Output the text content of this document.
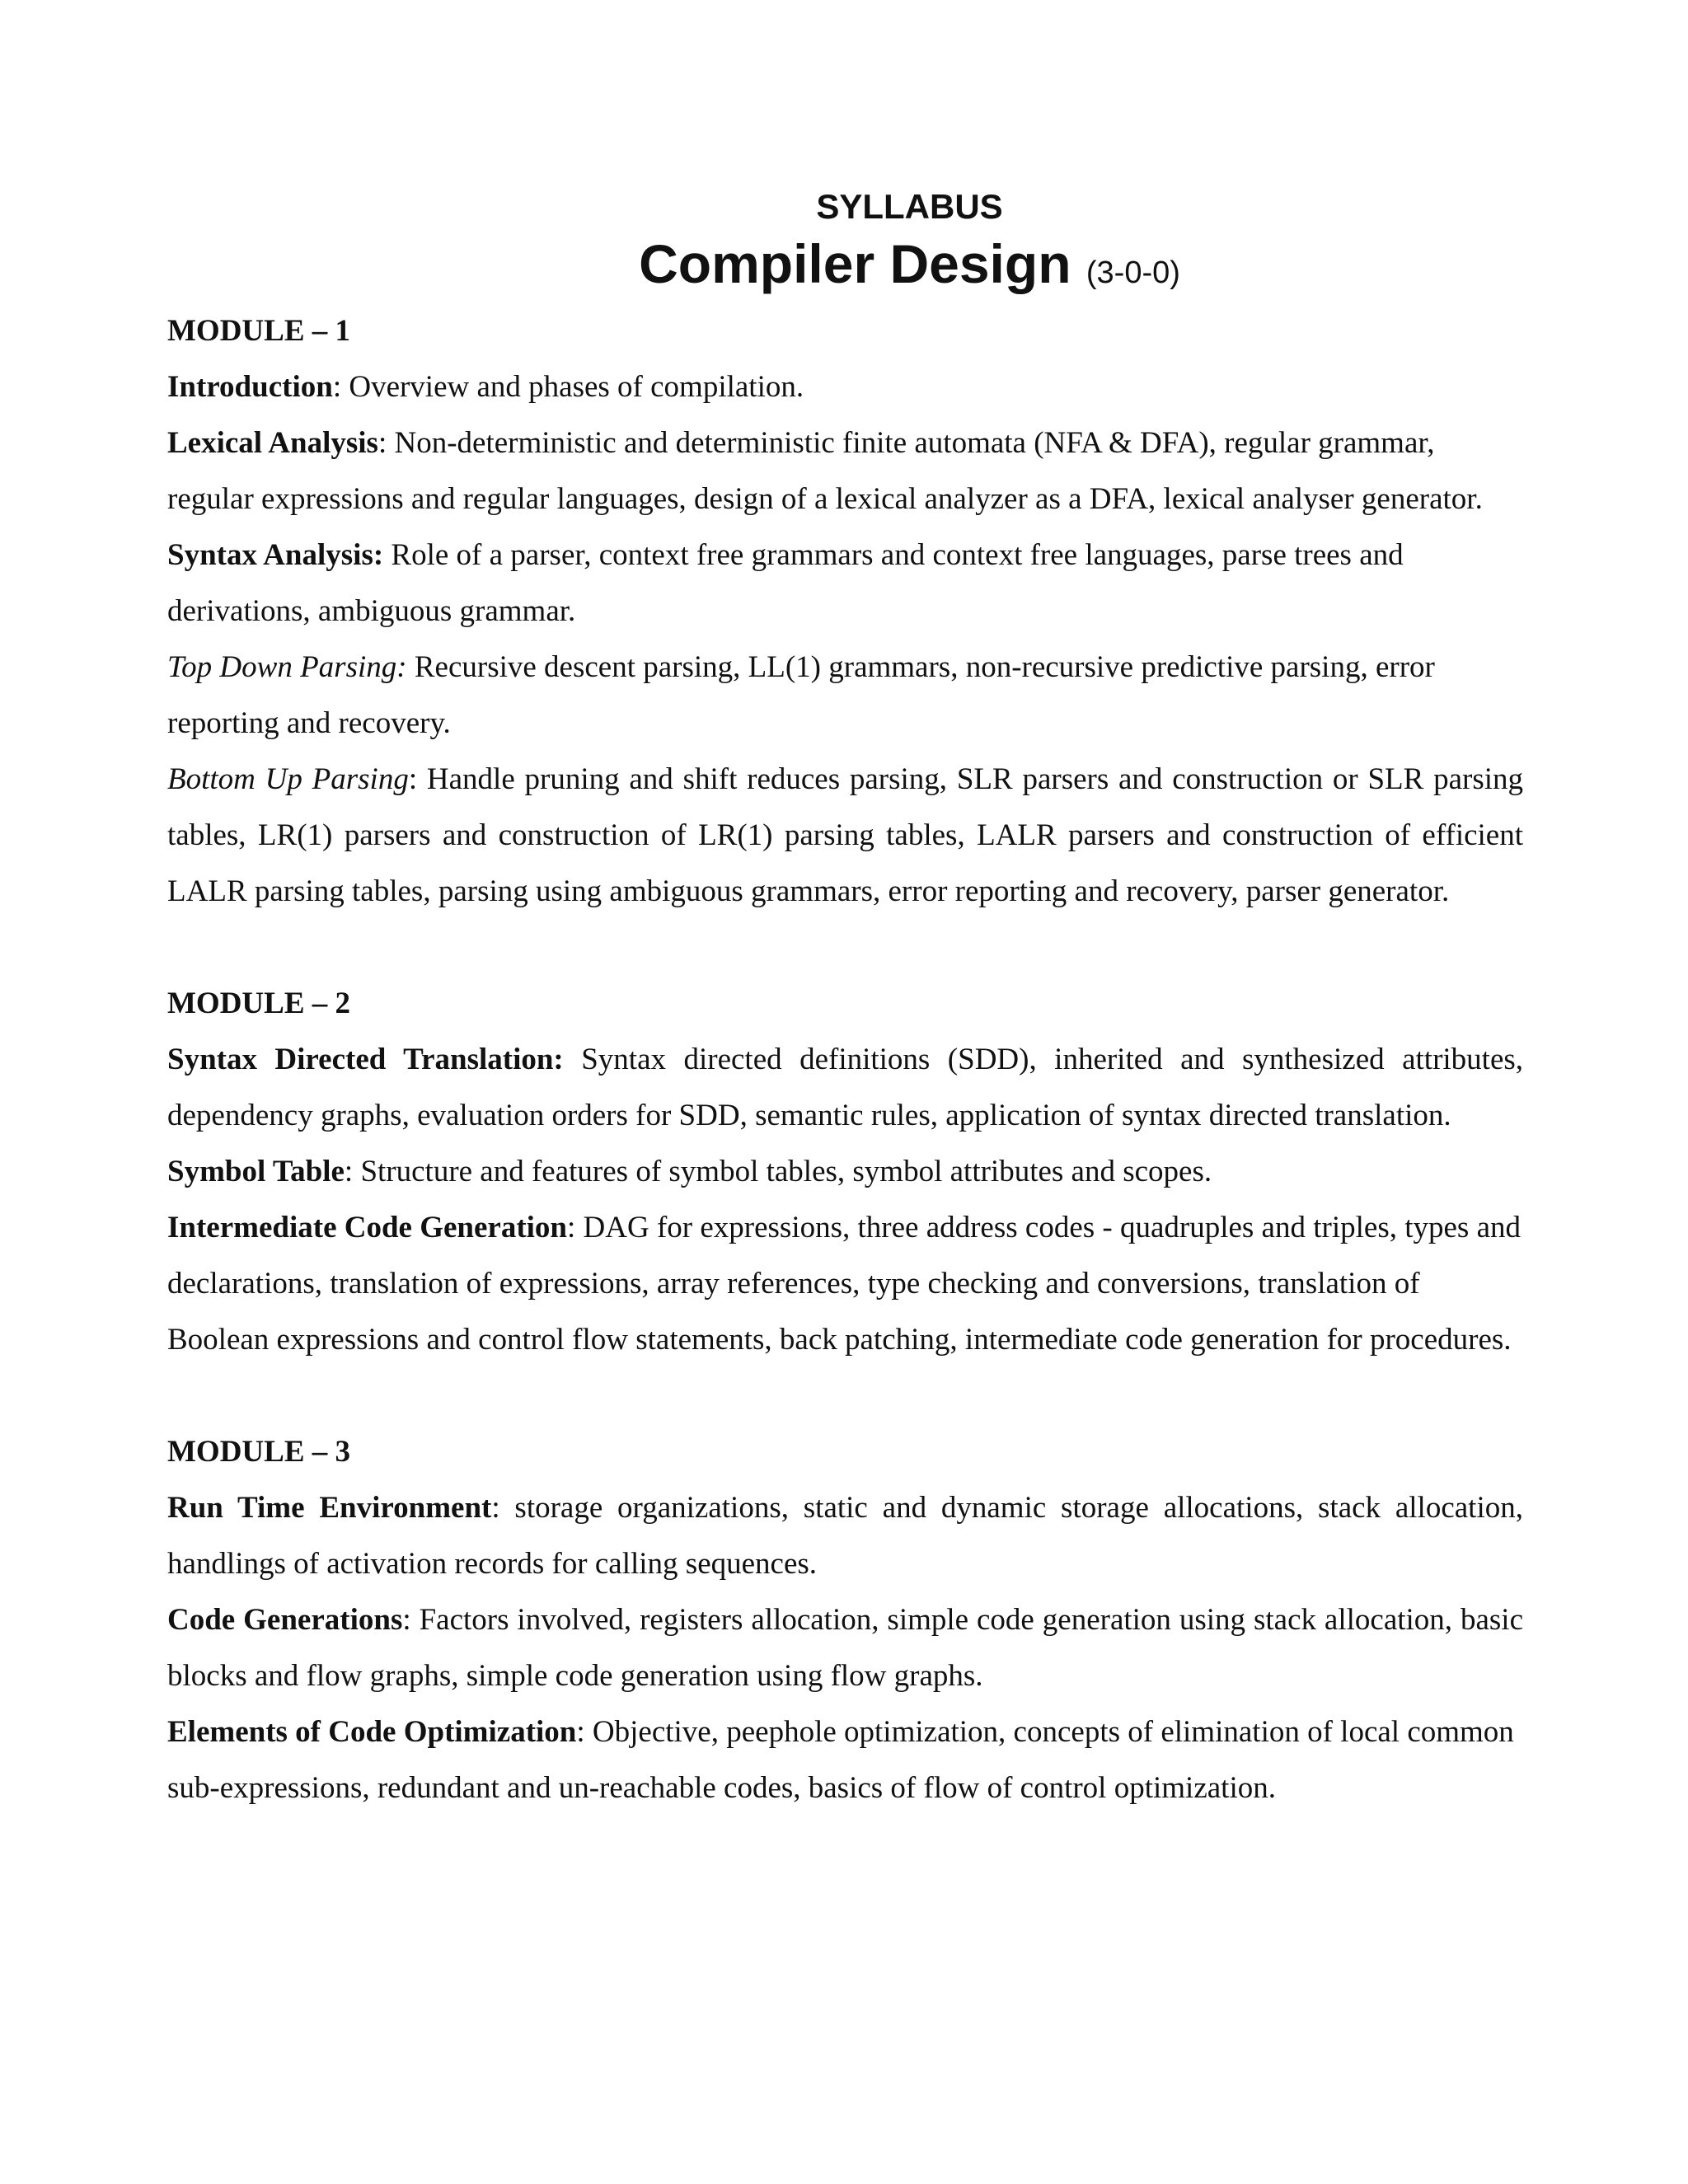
SYLLABUS
Compiler Design (3-0-0)
MODULE – 1

Introduction: Overview and phases of compilation.

Lexical Analysis: Non-deterministic and deterministic finite automata (NFA & DFA), regular grammar, regular expressions and regular languages, design of a lexical analyzer as a DFA, lexical analyser generator.

Syntax Analysis: Role of a parser, context free grammars and context free languages, parse trees and derivations, ambiguous grammar.

Top Down Parsing: Recursive descent parsing, LL(1) grammars, non-recursive predictive parsing, error reporting and recovery.

Bottom Up Parsing: Handle pruning and shift reduces parsing, SLR parsers and construction or SLR parsing tables, LR(1) parsers and construction of LR(1) parsing tables, LALR parsers and construction of efficient LALR parsing tables, parsing using ambiguous grammars, error reporting and recovery, parser generator.

MODULE – 2

Syntax Directed Translation: Syntax directed definitions (SDD), inherited and synthesized attributes, dependency graphs, evaluation orders for SDD, semantic rules, application of syntax directed translation.

Symbol Table: Structure and features of symbol tables, symbol attributes and scopes.

Intermediate Code Generation: DAG for expressions, three address codes - quadruples and triples, types and declarations, translation of expressions, array references, type checking and conversions, translation of Boolean expressions and control flow statements, back patching, intermediate code generation for procedures.

MODULE – 3

Run Time Environment: storage organizations, static and dynamic storage allocations, stack allocation, handlings of activation records for calling sequences.

Code Generations: Factors involved, registers allocation, simple code generation using stack allocation, basic blocks and flow graphs, simple code generation using flow graphs.

Elements of Code Optimization: Objective, peephole optimization, concepts of elimination of local common sub-expressions, redundant and un-reachable codes, basics of flow of control optimization.
